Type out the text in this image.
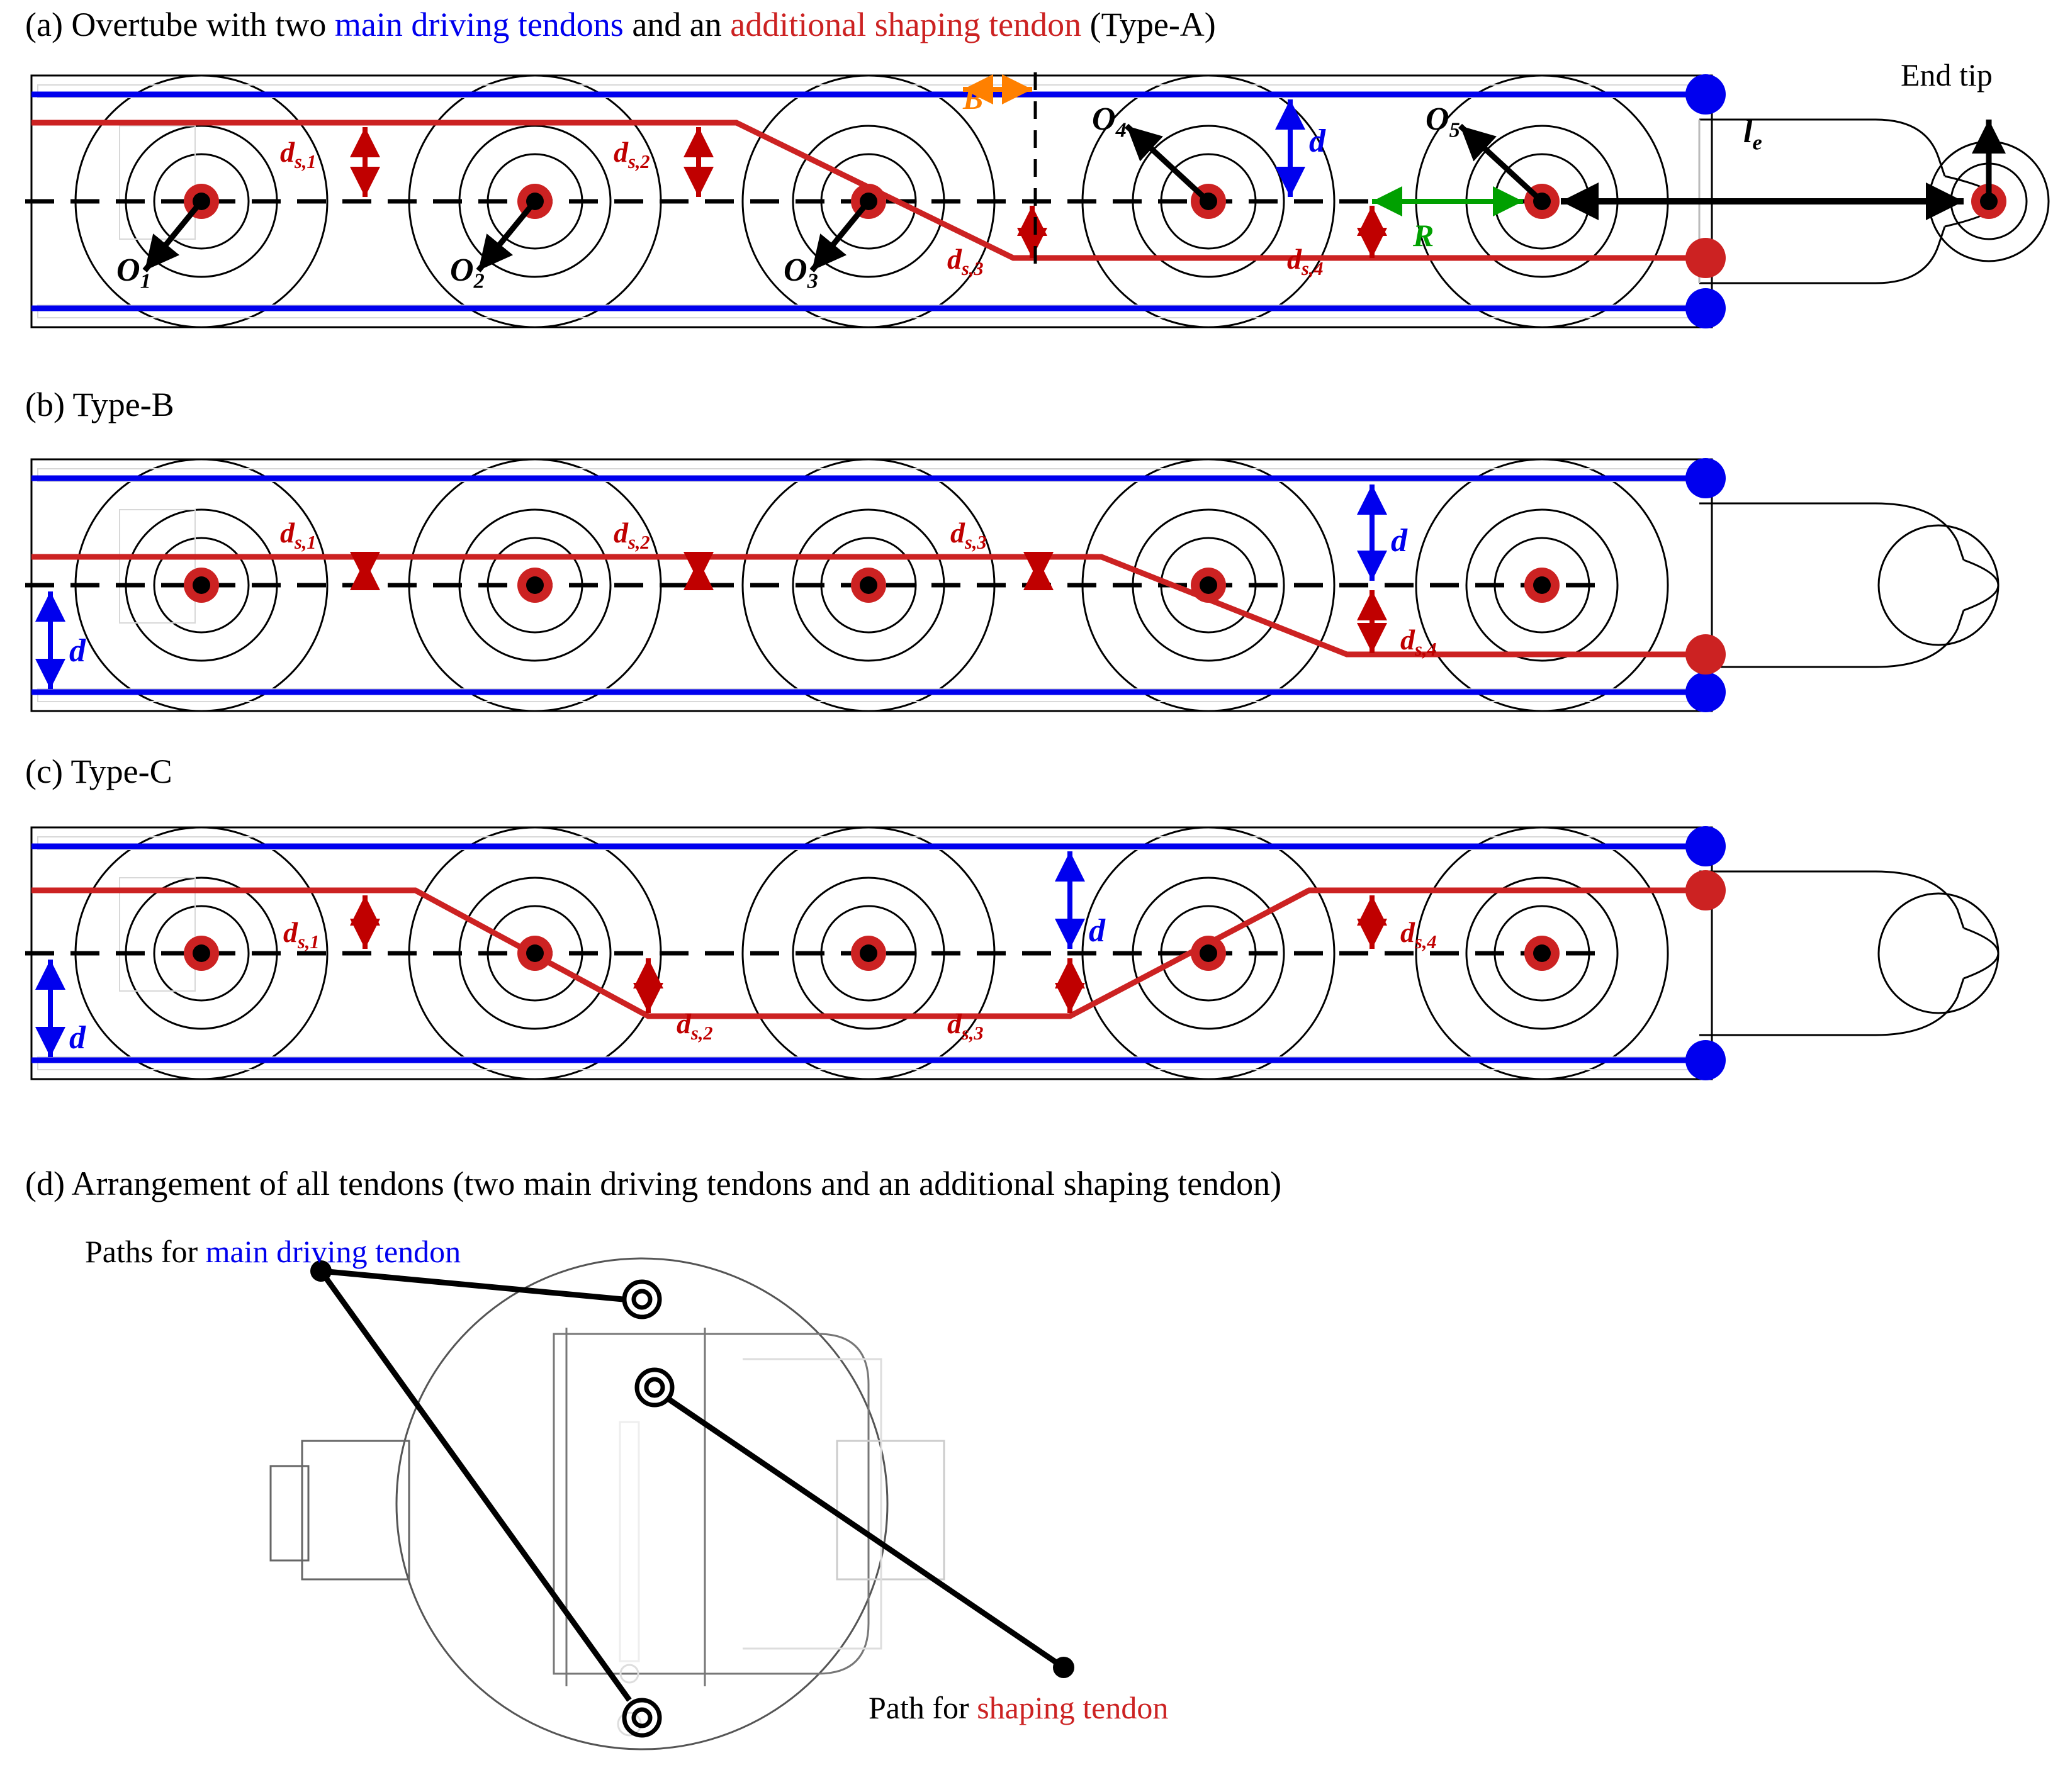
(a) Overtube with two main driving tendons and an additional shaping tendon (Type-A)
$O_1$	$O_2$	$O_3$
$O_4$	$O_5$	$l_e$
End tip
$d_{s,1}$	$d_{s,2}$
$d_{s,3}$	$d_{s,4}$
d
R
B
(b) Type-B
$d_{s,1}$	$d_{s,2}$	$d_{s,3}$
$d_{s,4}$
d
d
(c) Type-C
$d_{s,1}$
$d_{s,2}$	$d_{s,3}$
$d_{s,4}$
d
d
(d) Arrangement of all tendons (two main driving tendons and an additional shaping tendon)
Paths for main driving tendon
Path for shaping tendon
